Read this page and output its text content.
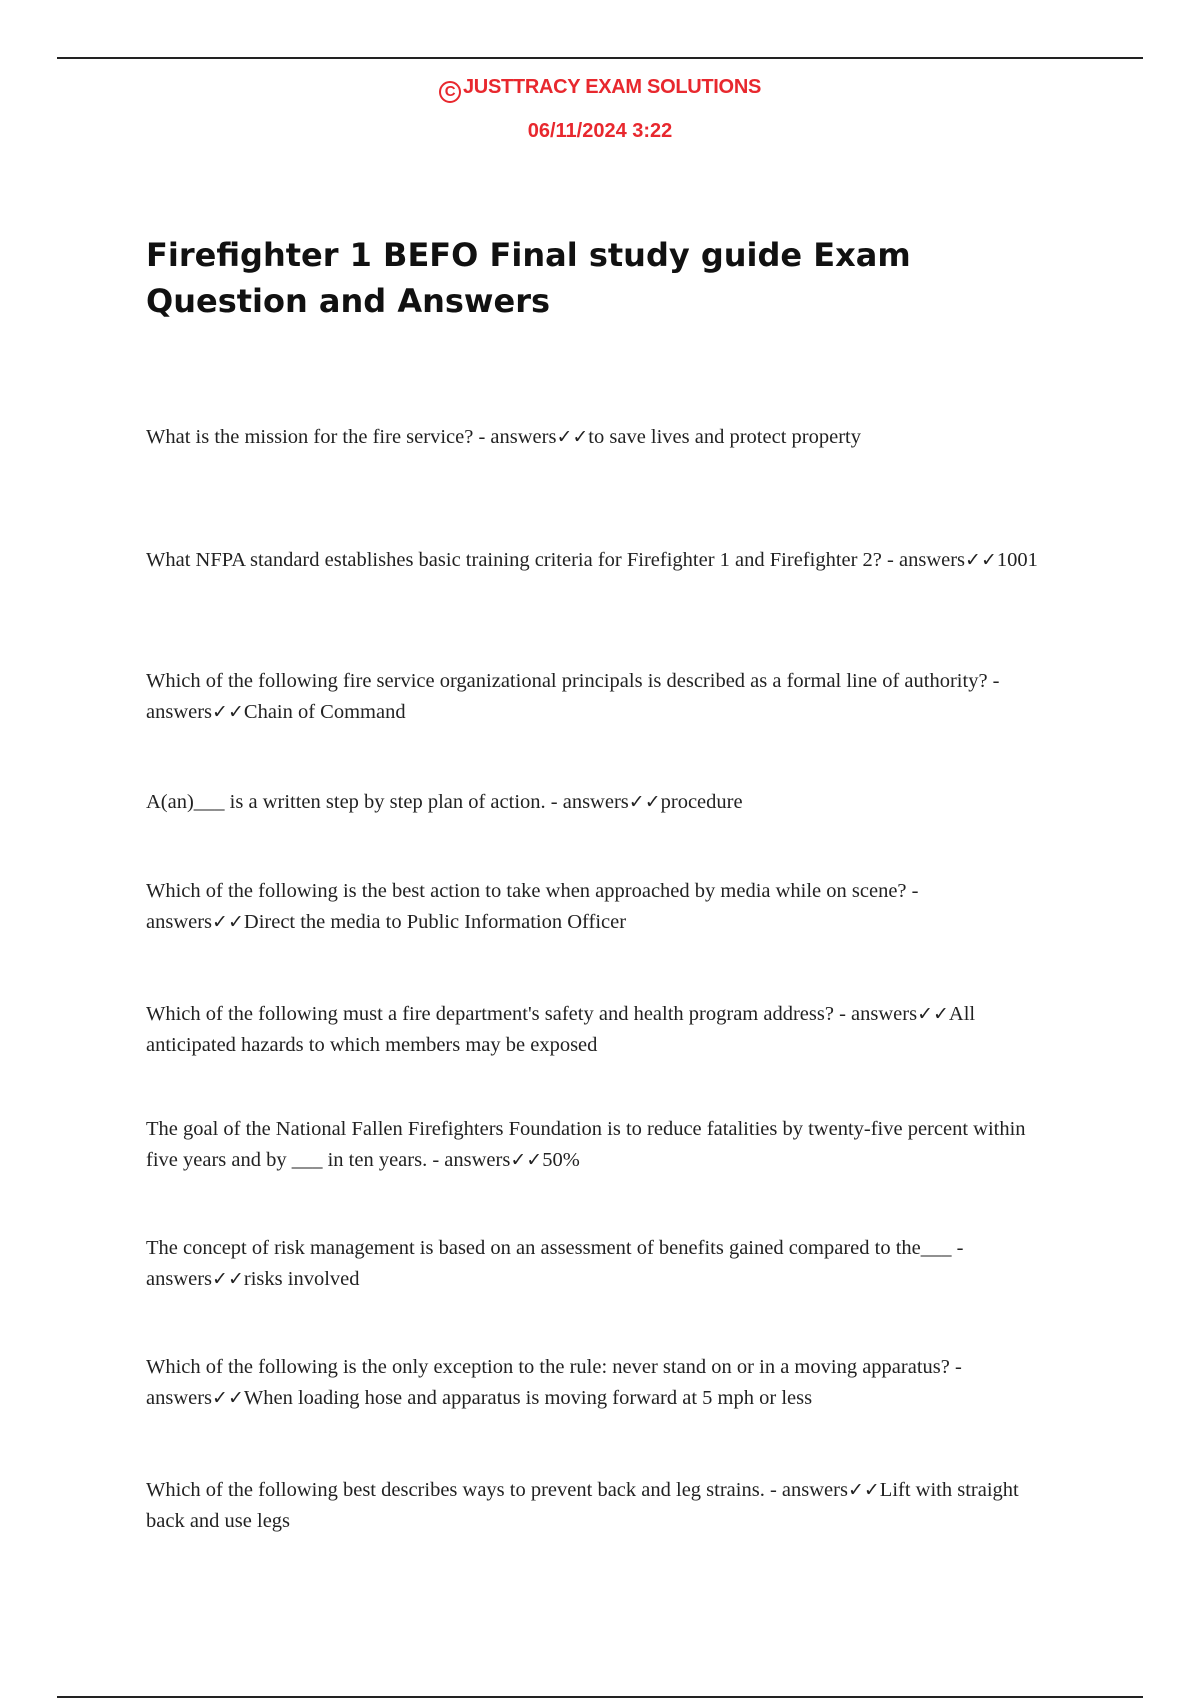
C JUSTTRACY EXAM SOLUTIONS
06/11/2024 3:22
Firefighter 1 BEFO Final study guide Exam Question and Answers

What is the mission for the fire service? - answers✓✓to save lives and protect property

What NFPA standard establishes basic training criteria for Firefighter 1 and Firefighter 2? - answers✓✓1001

Which of the following fire service organizational principals is described as a formal line of authority? - answers✓✓Chain of Command

A(an)___ is a written step by step plan of action. - answers✓✓procedure

Which of the following is the best action to take when approached by media while on scene? - answers✓✓Direct the media to Public Information Officer

Which of the following must a fire department's safety and health program address? - answers✓✓All anticipated hazards to which members may be exposed

The goal of the National Fallen Firefighters Foundation is to reduce fatalities by twenty-five percent within five years and by ___ in ten years. - answers✓✓50%

The concept of risk management is based on an assessment of benefits gained compared to the___ - answers✓✓risks involved

Which of the following is the only exception to the rule: never stand on or in a moving apparatus? - answers✓✓When loading hose and apparatus is moving forward at 5 mph or less

Which of the following best describes ways to prevent back and leg strains. - answers✓✓Lift with straight back and use legs
